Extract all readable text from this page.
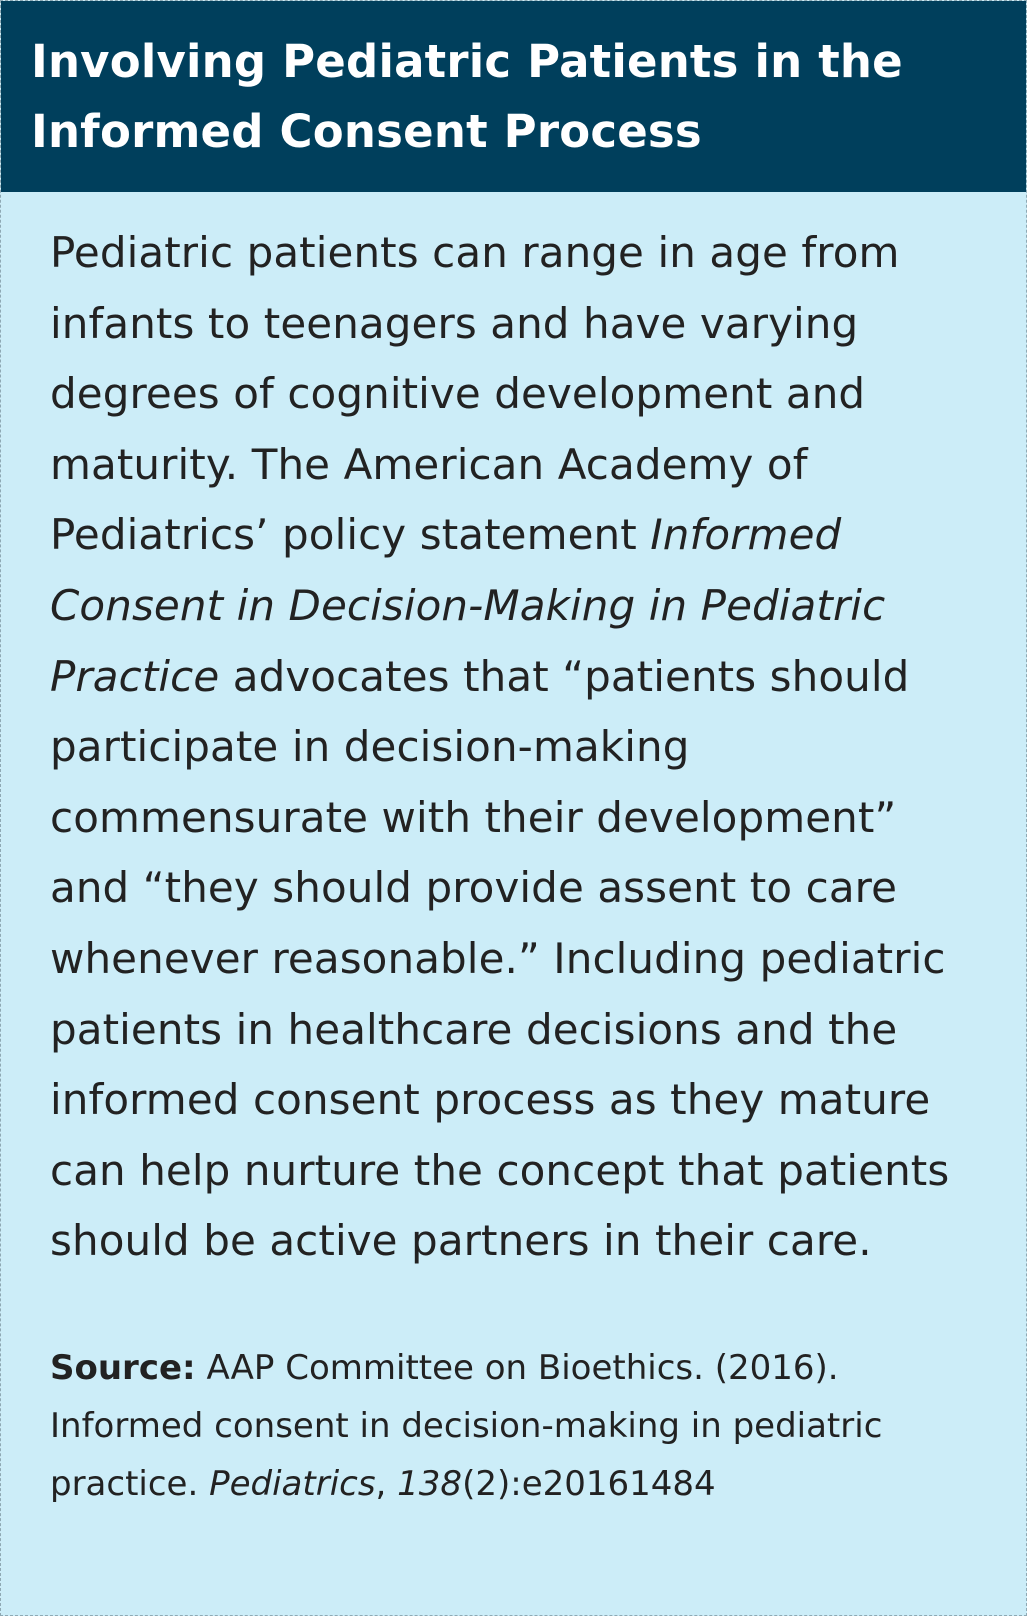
Involving Pediatric Patients in the
Informed Consent Process

Pediatric patients can range in age from infants to teenagers and have varying degrees of cognitive development and maturity. The American Academy of Pediatrics’ policy statement Informed Consent in Decision-Making in Pediatric Practice advocates that “patients should participate in decision-making commensurate with their development” and “they should provide assent to care whenever reasonable.” Including pediatric patients in healthcare decisions and the informed consent process as they mature can help nurture the concept that patients should be active partners in their care.

Source: AAP Committee on Bioethics. (2016). Informed consent in decision-making in pediatric practice. Pediatrics, 138(2):e20161484
